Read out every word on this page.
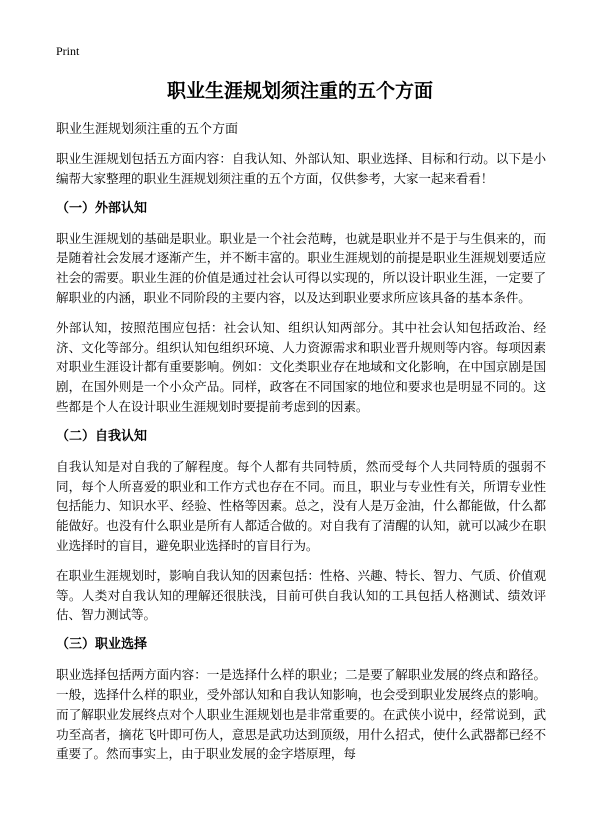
Print
职业生涯规划须注重的五个方面
职业生涯规划须注重的五个方面

职业生涯规划包括五方面内容：自我认知、外部认知、职业选择、目标和行动。以下是小编帮大家整理的职业生涯规划须注重的五个方面，仅供参考，大家一起来看看！

（一）外部认知

职业生涯规划的基础是职业。职业是一个社会范畴，也就是职业并不是于与生俱来的，而是随着社会发展才逐渐产生，并不断丰富的。职业生涯规划的前提是职业生涯规划要适应社会的需要。职业生涯的价值是通过社会认可得以实现的，所以设计职业生涯，一定要了解职业的内涵，职业不同阶段的主要内容，以及达到职业要求所应该具备的基本条件。

外部认知，按照范围应包括：社会认知、组织认知两部分。其中社会认知包括政治、经济、文化等部分。组织认知包组织环境、人力资源需求和职业晋升规则等内容。每项因素对职业生涯设计都有重要影响。例如：文化类职业存在地域和文化影响，在中国京剧是国剧，在国外则是一个小众产品。同样，政客在不同国家的地位和要求也是明显不同的。这些都是个人在设计职业生涯规划时要提前考虑到的因素。

（二）自我认知

自我认知是对自我的了解程度。每个人都有共同特质，然而受每个人共同特质的强弱不同，每个人所喜爱的职业和工作方式也存在不同。而且，职业与专业性有关，所谓专业性包括能力、知识水平、经验、性格等因素。总之，没有人是万金油，什么都能做，什么都能做好。也没有什么职业是所有人都适合做的。对自我有了清醒的认知，就可以减少在职业选择时的盲目，避免职业选择时的盲目行为。

在职业生涯规划时，影响自我认知的因素包括：性格、兴趣、特长、智力、气质、价值观等。人类对自我认知的理解还很肤浅，目前可供自我认知的工具包括人格测试、绩效评估、智力测试等。

（三）职业选择

职业选择包括两方面内容：一是选择什么样的职业；二是要了解职业发展的终点和路径。一般，选择什么样的职业，受外部认知和自我认知影响，也会受到职业发展终点的影响。而了解职业发展终点对个人职业生涯规划也是非常重要的。在武侠小说中，经常说到，武功至高者，摘花飞叶即可伤人，意思是武功达到顶级，用什么招式，使什么武器都已经不重要了。然而事实上，由于职业发展的金字塔原理，每
